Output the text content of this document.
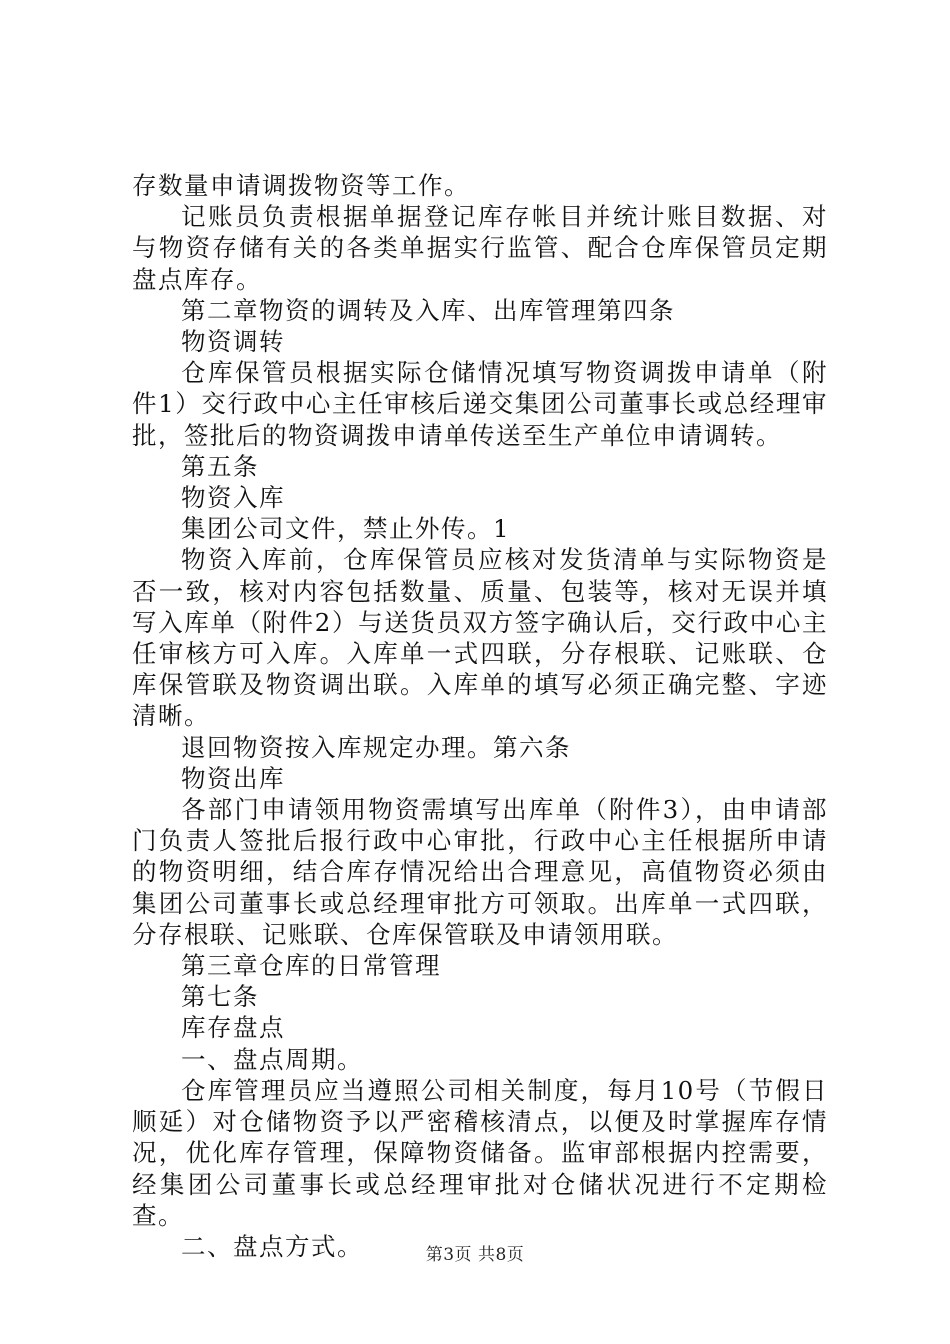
存数量申请调拨物资等工作。

记账员负责根据单据登记库存帐目并统计账目数据、对与物资存储有关的各类单据实行监管、配合仓库保管员定期盘点库存。

第二章物资的调转及入库、出库管理第四条

物资调转

仓库保管员根据实际仓储情况填写物资调拨申请单（附件1）交行政中心主任审核后递交集团公司董事长或总经理审批，签批后的物资调拨申请单传送至生产单位申请调转。

第五条

物资入库

集团公司文件，禁止外传。1

物资入库前，仓库保管员应核对发货清单与实际物资是否一致，核对内容包括数量、质量、包装等，核对无误并填写入库单（附件2）与送货员双方签字确认后，交行政中心主任审核方可入库。入库单一式四联，分存根联、记账联、仓库保管联及物资调出联。入库单的填写必须正确完整、字迹清晰。

退回物资按入库规定办理。第六条

物资出库

各部门申请领用物资需填写出库单（附件3），由申请部门负责人签批后报行政中心审批，行政中心主任根据所申请的物资明细，结合库存情况给出合理意见，高值物资必须由集团公司董事长或总经理审批方可领取。出库单一式四联，分存根联、记账联、仓库保管联及申请领用联。

第三章仓库的日常管理

第七条

库存盘点

一、盘点周期。

仓库管理员应当遵照公司相关制度，每月10号（节假日顺延）对仓储物资予以严密稽核清点，以便及时掌握库存情况，优化库存管理，保障物资储备。监审部根据内控需要，经集团公司董事长或总经理审批对仓储状况进行不定期检查。

二、盘点方式。	第3页 共8页
